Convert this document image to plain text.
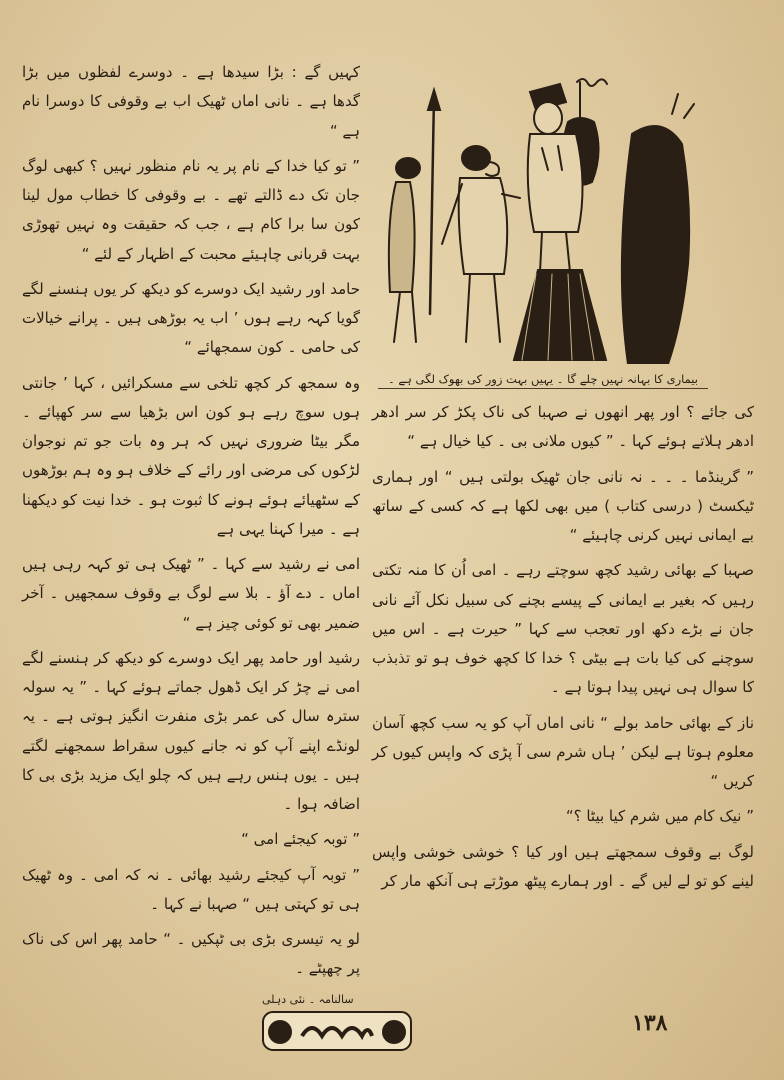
کہیں گے : بڑا سیدھا ہے ۔ دوسرے لفظوں میں بڑا گدھا ہے ۔ نانی اماں ٹھیک اب بے وقوفی کا دوسرا نام ہے “

” تو کیا خدا کے نام پر یہ نام منظور نہیں ؟ کبھی لوگ جان تک دے ڈالتے تھے ۔ بے وقوفی کا خطاب مول لینا کون سا برا کام ہے ، جب کہ حقیقت وہ نہیں تھوڑی بہت قربانی چاہیئے محبت کے اظہار کے لئے “

حامد اور رشید ایک دوسرے کو دیکھ کر یوں ہنسنے لگے گویا کہہ رہے ہوں ’ اب یہ بوڑھی ہیں ۔ پرانے خیالات کی حامی ۔ کون سمجھائے “

وہ سمجھ کر کچھ تلخی سے مسکرائیں ، کہا ’ جانتی ہوں سوچ رہے ہو کون اس بڑھیا سے سر کھپائے ۔ مگر بیٹا ضروری نہیں کہ ہر وہ بات جو تم نوجوان لڑکوں کی مرضی اور رائے کے خلاف ہو وہ ہم بوڑھوں کے سٹھیائے ہوئے ہونے کا ثبوت ہو ۔ خدا نیت کو دیکھنا ہے ۔ میرا کہنا یہی ہے

امی نے رشید سے کہا ۔ ” ٹھیک ہی تو کہہ رہی ہیں اماں ۔ دے آؤ ۔ بلا سے لوگ بے وقوف سمجھیں ۔ آخر ضمیر بھی تو کوئی چیز ہے “

رشید اور حامد پھر ایک دوسرے کو دیکھ کر ہنسنے لگے امی نے چڑ کر ایک ڈھول جماتے ہوئے کہا ۔ ” یہ سولہ سترہ سال کی عمر بڑی منفرت انگیز ہوتی ہے ۔ یہ لونڈے اپنے آپ کو نہ جانے کیوں سقراط سمجھنے لگتے ہیں ۔ یوں ہنس رہے ہیں کہ چلو ایک مزید بڑی بی کا اضافہ ہوا ۔

” توبہ کیجئے امی “

” توبہ آپ کیجئے رشید بھائی ۔ نہ کہ امی ۔ وہ ٹھیک ہی تو کہتی ہیں “ صہبا نے کہا ۔

لو یہ تیسری بڑی بی ٹپکیں ۔ “ حامد پھر اس کی ناک پر چھپٹے ۔

بیماری کا بہانہ نہیں چلے گا ۔ یہیں بہت زور کی بھوک لگی ہے ۔

کی جائے ؟ اور پھر انھوں نے صہبا کی ناک پکڑ کر سر ادھر ادھر ہلاتے ہوئے کہا ۔ ” کیوں ملانی بی ۔ کیا خیال ہے “

” گرینڈما ۔ ۔ ۔ نہ نانی جان ٹھیک بولتی ہیں “ اور ہماری ٹیکسٹ ( درسی کتاب ) میں بھی لکھا ہے کہ کسی کے ساتھ بے ایمانی نہیں کرنی چاہیئے “

صہبا کے بھائی رشید کچھ سوچتے رہے ۔ امی اُن کا منہ تکتی رہیں کہ بغیر بے ایمانی کے پیسے بچنے کی سبیل نکل آئے نانی جان نے بڑے دکھ اور تعجب سے کہا ” حیرت ہے ۔ اس میں سوچنے کی کیا بات ہے بیٹی ؟ خدا کا کچھ خوف ہو تو تذبذب کا سوال ہی نہیں پیدا ہوتا ہے ۔

ناز کے بھائی حامد بولے “ نانی اماں آپ کو یہ سب کچھ آسان معلوم ہوتا ہے لیکن ’ ہاں شرم سی آ پڑی کہ واپس کیوں کر کریں “

” نیک کام میں شرم کیا بیٹا ؟“

لوگ بے وقوف سمجھتے ہیں اور کیا ؟ خوشی خوشی واپس لینے کو تو لے لیں گے ۔ اور ہمارے پیٹھ موڑتے ہی آنکھ مار کر

سالنامہ ۔ نئی دہلی
۱۳۸
